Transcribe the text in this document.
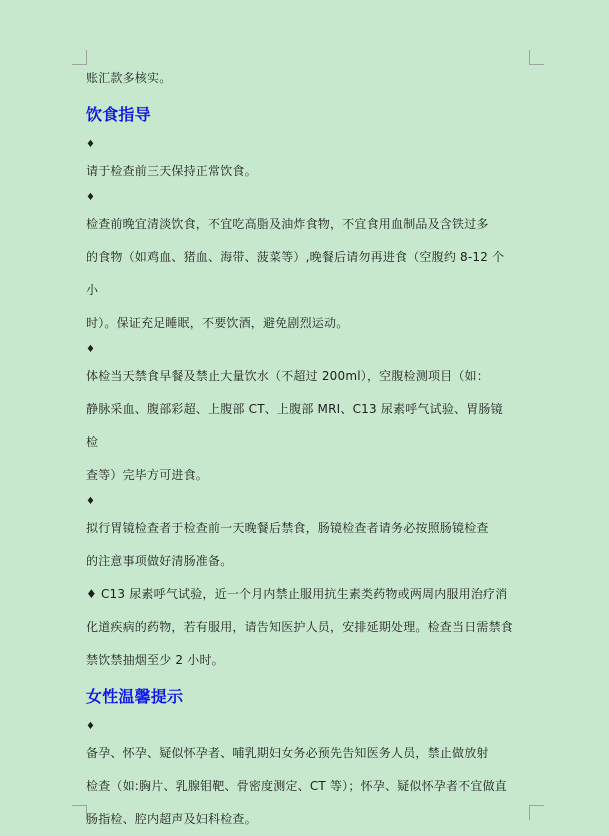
账汇款多核实。
饮食指导
♦
请于检查前三天保持正常饮食。
♦
检查前晚宜清淡饮食，不宜吃高脂及油炸食物，不宜食用血制品及含铁过多
的食物（如鸡血、猪血、海带、菠菜等）,晚餐后请勿再进食（空腹约 8-12 个
小
时）。保证充足睡眠，不要饮酒，避免剧烈运动。
♦
体检当天禁食早餐及禁止大量饮水（不超过 200ml），空腹检测项目（如：
静脉采血、腹部彩超、上腹部 CT、上腹部 MRI、C13 尿素呼气试验、胃肠镜
检
查等）完毕方可进食。
♦
拟行胃镜检查者于检查前一天晚餐后禁食，肠镜检查者请务必按照肠镜检查
的注意事项做好清肠准备。
♦ C13 尿素呼气试验，近一个月内禁止服用抗生素类药物或两周内服用治疗消
化道疾病的药物，若有服用，请告知医护人员，安排延期处理。检查当日需禁食
禁饮禁抽烟至少 2 小时。
女性温馨提示
♦
备孕、怀孕、疑似怀孕者、哺乳期妇女务必预先告知医务人员，禁止做放射
检查（如:胸片、乳腺钼靶、骨密度测定、CT 等）；怀孕、疑似怀孕者不宜做直
肠指检、腔内超声及妇科检查。
